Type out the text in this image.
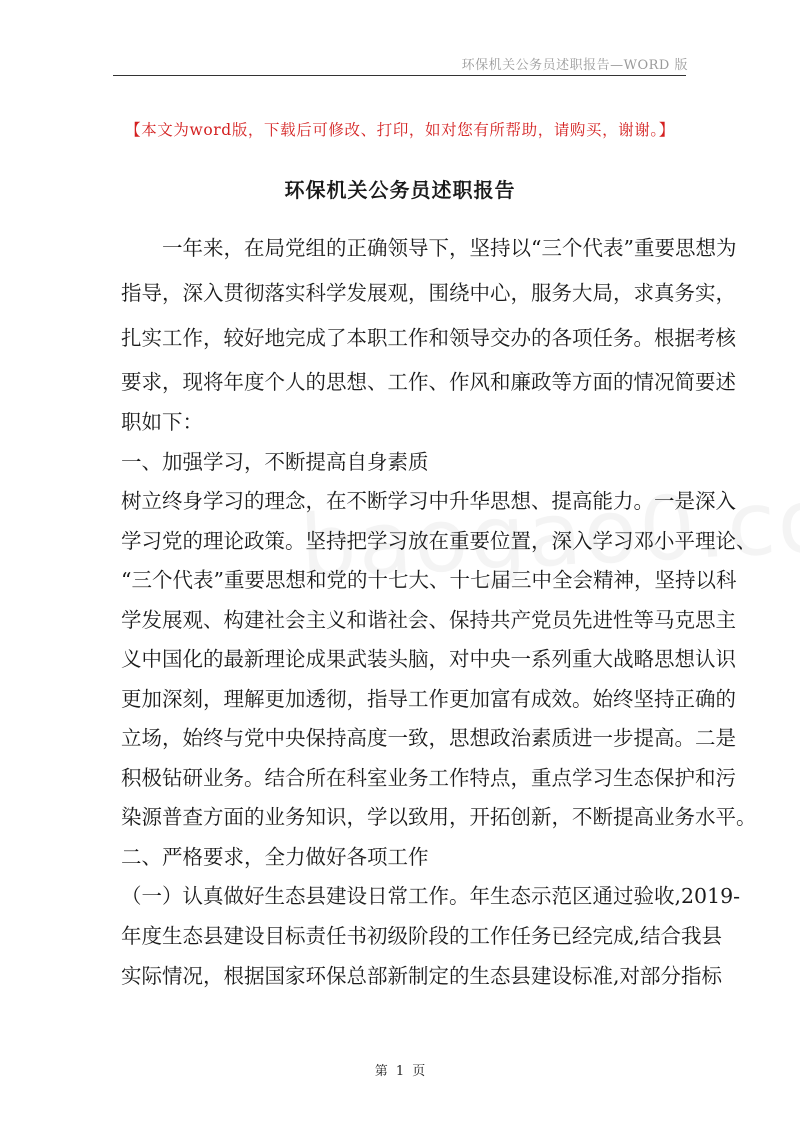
环保机关公务员述职报告—WORD 版
【本文为word版，下载后可修改、打印，如对您有所帮助，请购买，谢谢。】
环保机关公务员述职报告
　　一年来，在局党组的正确领导下，坚持以“三个代表”重要思想为
指导，深入贯彻落实科学发展观，围绕中心，服务大局，求真务实，
扎实工作，较好地完成了本职工作和领导交办的各项任务。根据考核
要求，现将年度个人的思想、工作、作风和廉政等方面的情况简要述
职如下：
一、加强学习，不断提高自身素质
树立终身学习的理念，在不断学习中升华思想、提高能力。一是深入
学习党的理论政策。坚持把学习放在重要位置，深入学习邓小平理论、
“三个代表”重要思想和党的十七大、十七届三中全会精神，坚持以科
学发展观、构建社会主义和谐社会、保持共产党员先进性等马克思主
义中国化的最新理论成果武装头脑，对中央一系列重大战略思想认识
更加深刻，理解更加透彻，指导工作更加富有成效。始终坚持正确的
立场，始终与党中央保持高度一致，思想政治素质进一步提高。二是
积极钻研业务。结合所在科室业务工作特点，重点学习生态保护和污
染源普查方面的业务知识，学以致用，开拓创新，不断提高业务水平。
二、严格要求，全力做好各项工作
（一）认真做好生态县建设日常工作。年生态示范区通过验收,2019-
年度生态县建设目标责任书初级阶段的工作任务已经完成,结合我县
实际情况，根据国家环保总部新制定的生态县建设标准,对部分指标
第 1 页
